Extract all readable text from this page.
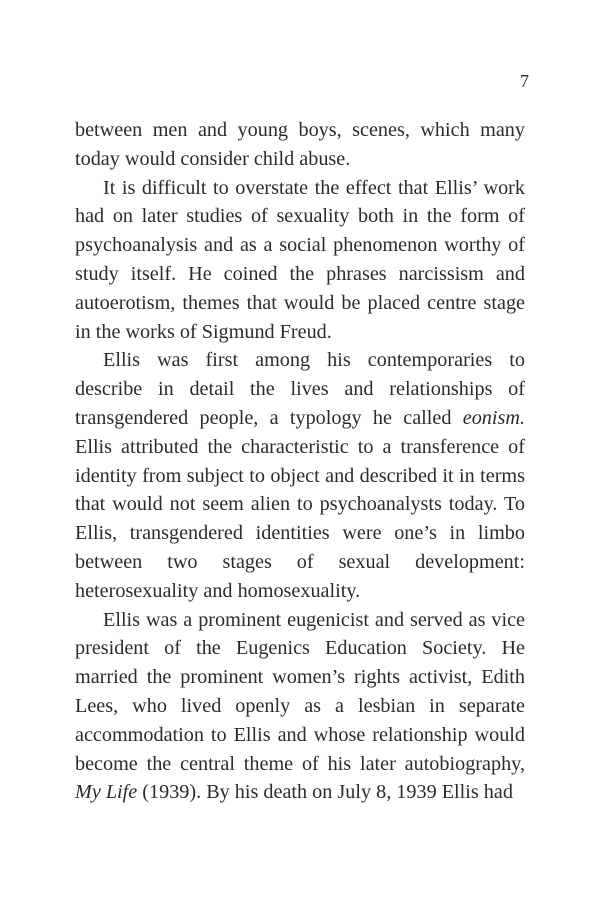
7

between men and young boys, scenes, which many today would consider child abuse.

It is difficult to overstate the effect that Ellis’ work had on later studies of sexuality both in the form of psychoanalysis and as a social phenomenon worthy of study itself. He coined the phrases narcissism and autoerotism, themes that would be placed centre stage in the works of Sigmund Freud.

Ellis was first among his contemporaries to describe in detail the lives and relationships of transgendered people, a typology he called eonism. Ellis attributed the characteristic to a transference of identity from subject to object and described it in terms that would not seem alien to psychoanalysts today. To Ellis, transgendered identities were one’s in limbo between two stages of sexual development: heterosexuality and homosexuality.

Ellis was a prominent eugenicist and served as vice president of the Eugenics Education Society. He married the prominent women’s rights activist, Edith Lees, who lived openly as a lesbian in separate accommodation to Ellis and whose relationship would become the central theme of his later autobiography, My Life (1939). By his death on July 8, 1939 Ellis had
